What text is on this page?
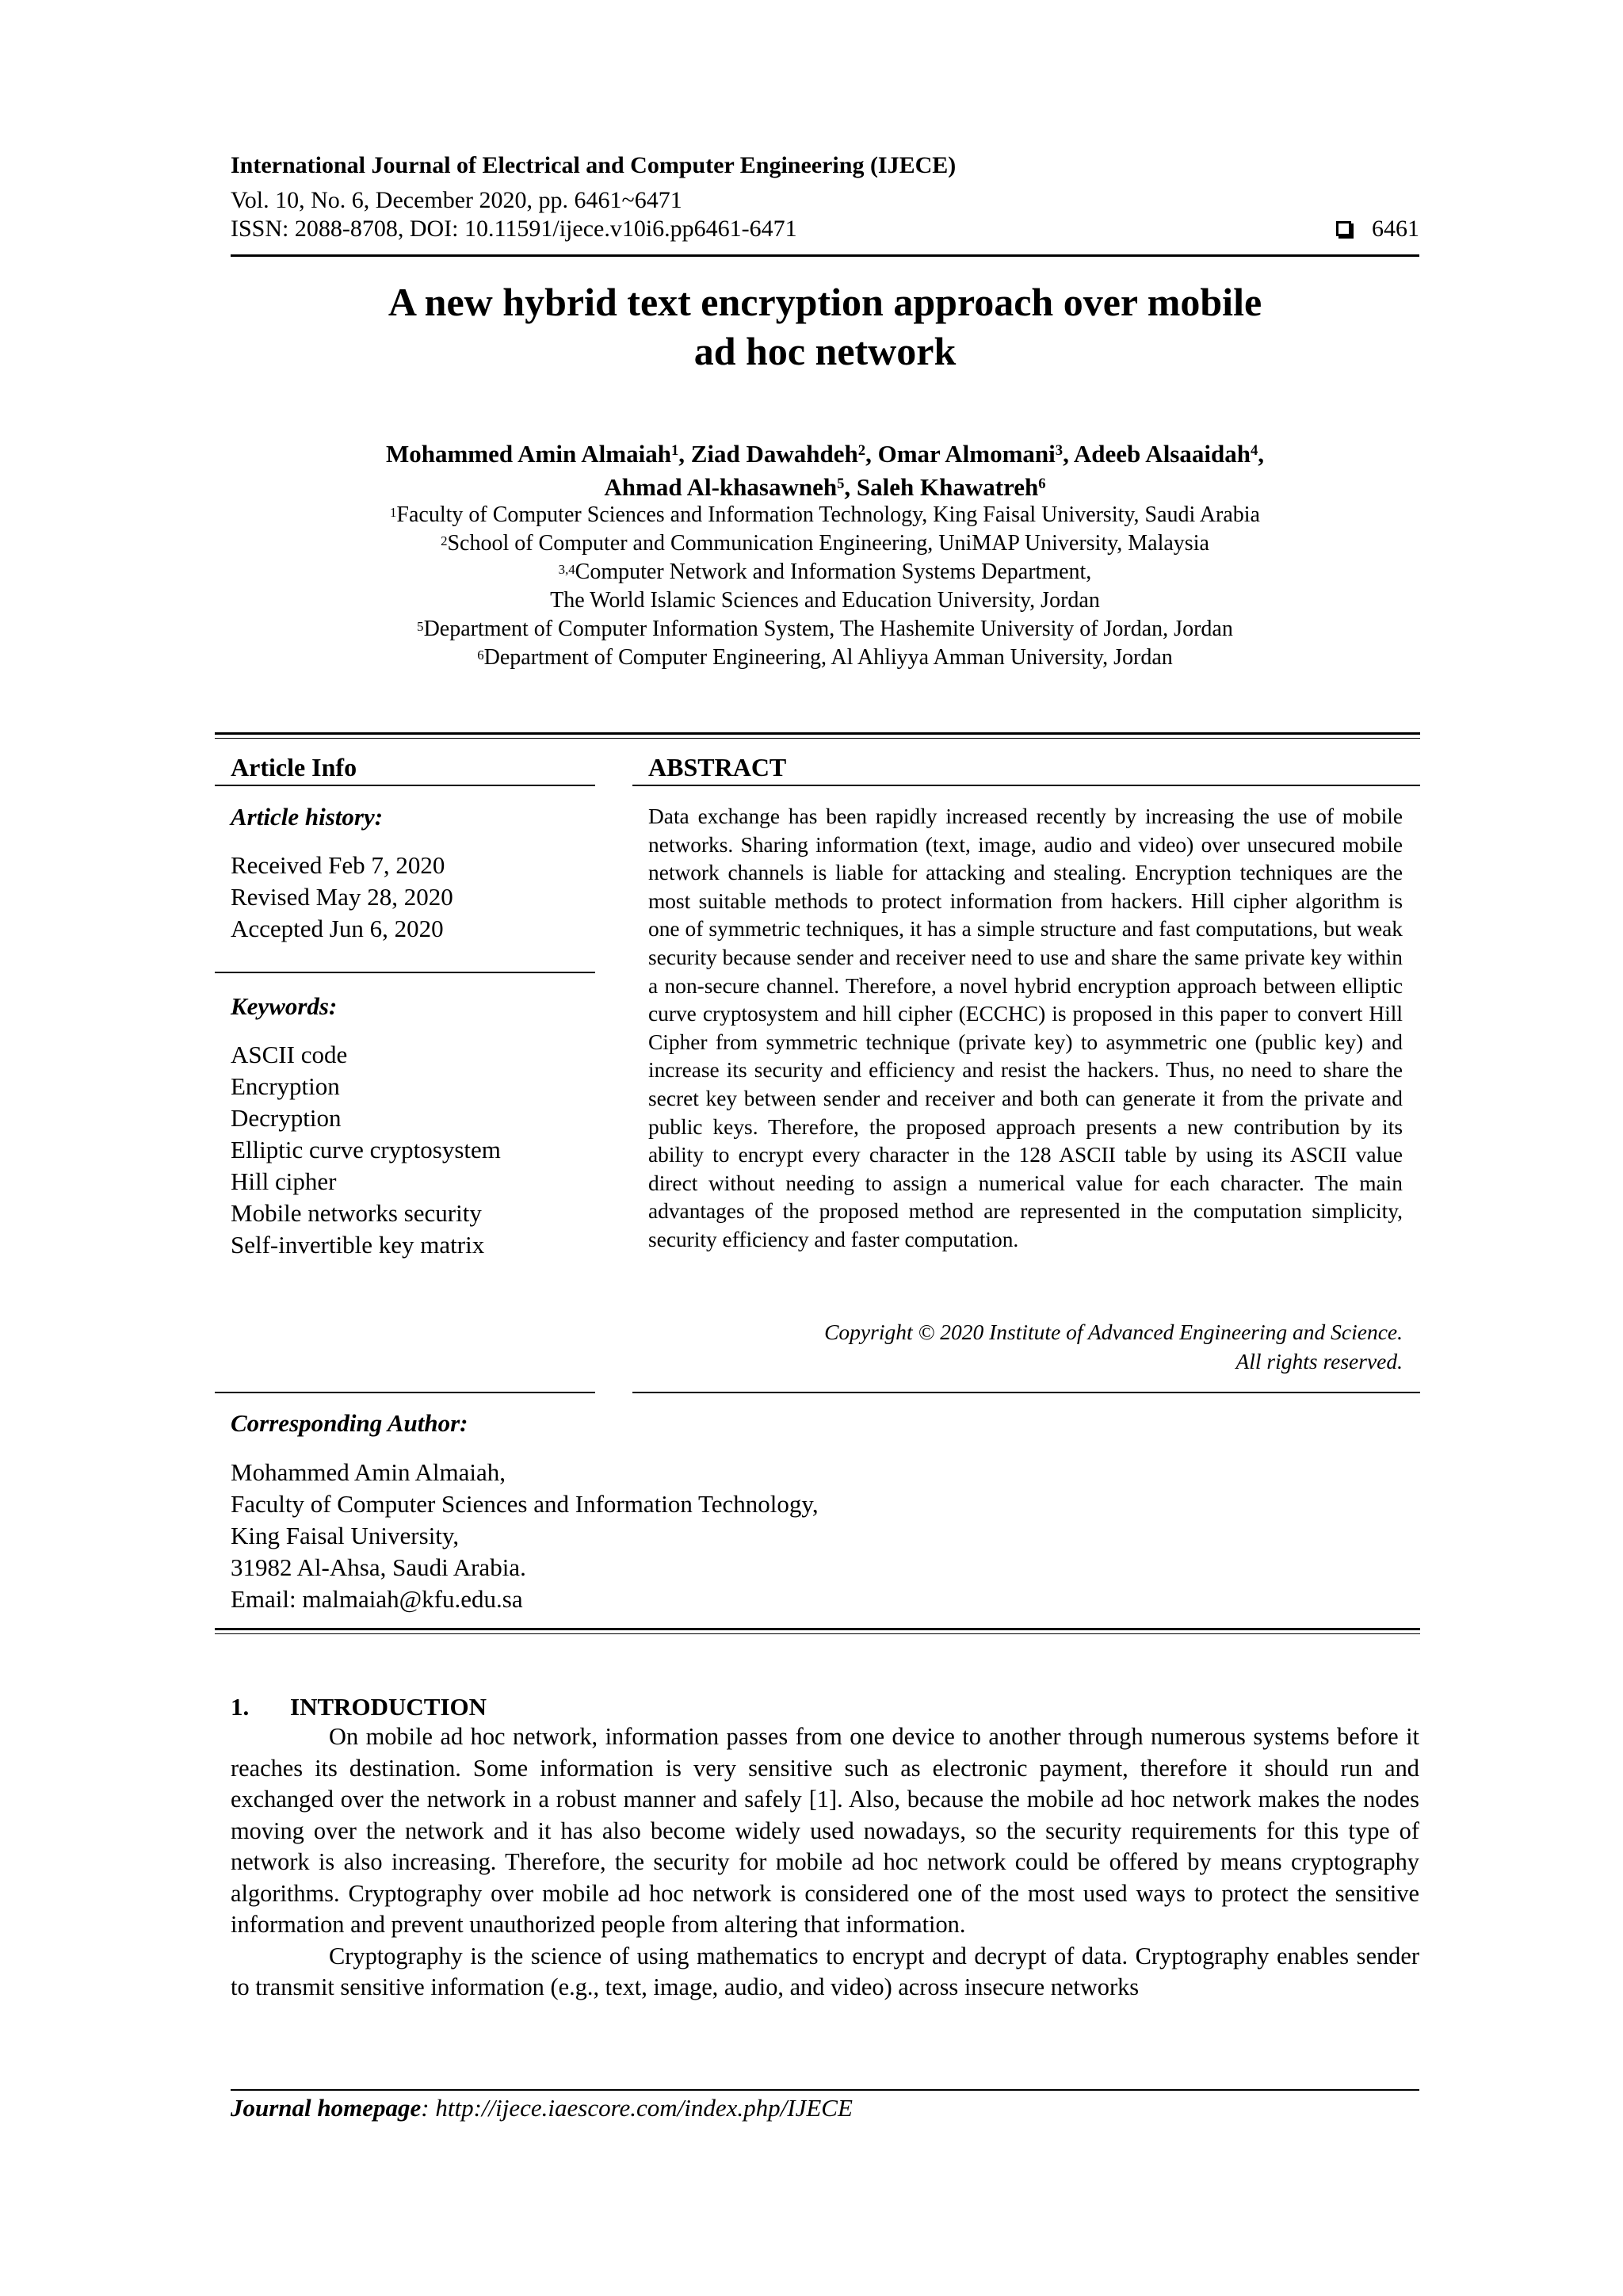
International Journal of Electrical and Computer Engineering (IJECE)
Vol. 10, No. 6, December 2020, pp. 6461~6471
ISSN: 2088-8708, DOI: 10.11591/ijece.v10i6.pp6461-6471	6461
A new hybrid text encryption approach over mobile
ad hoc network
Mohammed Amin Almaiah$^1$, Ziad Dawahdeh$^2$, Omar Almomani$^3$, Adeeb Alsaaidah$^4$,
Ahmad Al-khasawneh$^5$, Saleh Khawatreh$^6$
$^1$Faculty of Computer Sciences and Information Technology, King Faisal University, Saudi Arabia
$^2$School of Computer and Communication Engineering, UniMAP University, Malaysia
$^{3,4}$Computer Network and Information Systems Department,
The World Islamic Sciences and Education University, Jordan
$^5$Department of Computer Information System, The Hashemite University of Jordan, Jordan
$^6$Department of Computer Engineering, Al Ahliyya Amman University, Jordan
Article Info
Article history:
Received Feb 7, 2020
Revised May 28, 2020
Accepted Jun 6, 2020
Keywords:
ASCII code
Encryption
Decryption
Elliptic curve cryptosystem
Hill cipher
Mobile networks security
Self-invertible key matrix
ABSTRACT
Data exchange has been rapidly increased recently by increasing the use of mobile networks. Sharing information (text, image, audio and video) over unsecured mobile network channels is liable for attacking and stealing. Encryption techniques are the most suitable methods to protect information from hackers. Hill cipher algorithm is one of symmetric techniques, it has a simple structure and fast computations, but weak security because sender and receiver need to use and share the same private key within a non-secure channel. Therefore, a novel hybrid encryption approach between elliptic curve cryptosystem and hill cipher (ECCHC) is proposed in this paper to convert Hill Cipher from symmetric technique (private key) to asymmetric one (public key) and increase its security and efficiency and resist the hackers. Thus, no need to share the secret key between sender and receiver and both can generate it from the private and public keys. Therefore, the proposed approach presents a new contribution by its ability to encrypt every character in the 128 ASCII table by using its ASCII value direct without needing to assign a numerical value for each character. The main advantages of the proposed method are represented in the computation simplicity, security efficiency and faster computation.
Copyright © 2020 Institute of Advanced Engineering and Science.
All rights reserved.
Corresponding Author:
Mohammed Amin Almaiah,
Faculty of Computer Sciences and Information Technology,
King Faisal University,
31982 Al-Ahsa, Saudi Arabia.
Email: malmaiah@kfu.edu.sa
1. INTRODUCTION

On mobile ad hoc network, information passes from one device to another through numerous systems before it reaches its destination. Some information is very sensitive such as electronic payment, therefore it should run and exchanged over the network in a robust manner and safely [1]. Also, because the mobile ad hoc network makes the nodes moving over the network and it has also become widely used nowadays, so the security requirements for this type of network is also increasing. Therefore, the security for mobile ad hoc network could be offered by means cryptography algorithms. Cryptography over mobile ad hoc network is considered one of the most used ways to protect the sensitive information and prevent unauthorized people from altering that information.

Cryptography is the science of using mathematics to encrypt and decrypt of data. Cryptography enables sender to transmit sensitive information (e.g., text, image, audio, and video) across insecure networks

Journal homepage: http://ijece.iaescore.com/index.php/IJECE
